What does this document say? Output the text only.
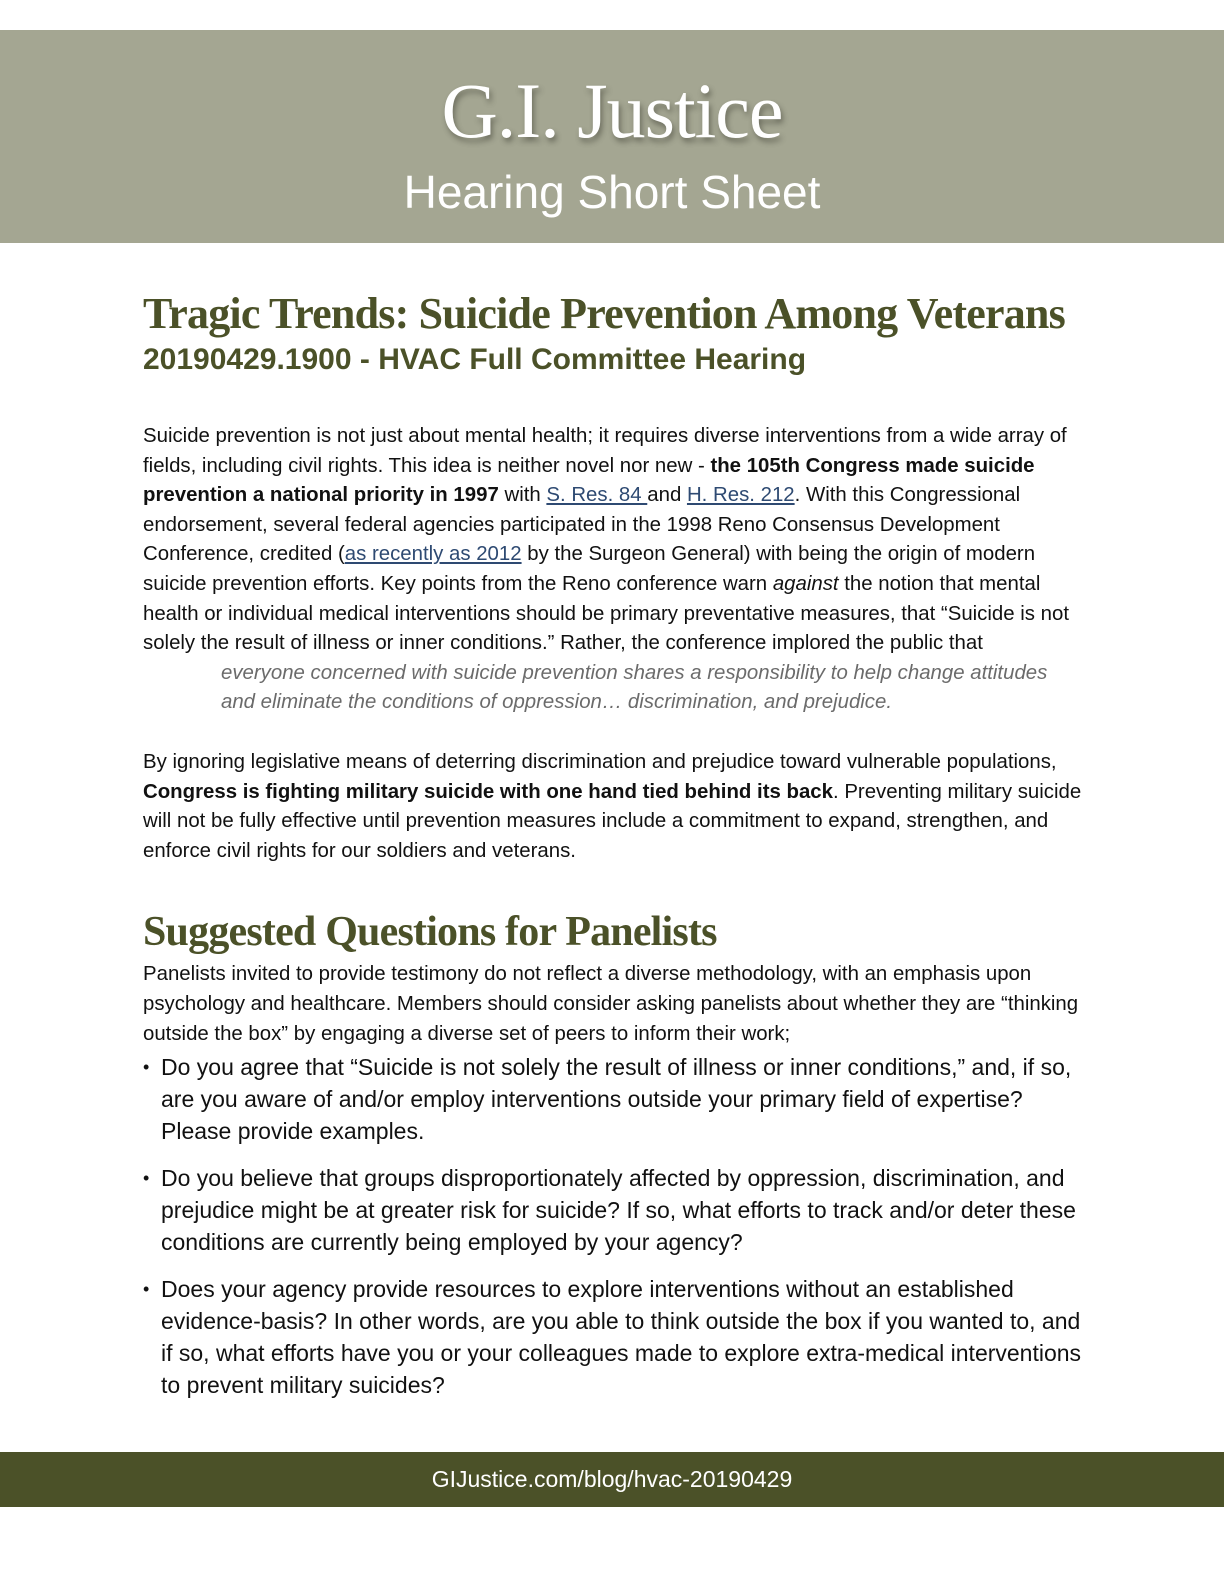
G.I. Justice
Hearing Short Sheet
Tragic Trends: Suicide Prevention Among Veterans
20190429.1900 - HVAC Full Committee Hearing

Suicide prevention is not just about mental health; it requires diverse interventions from a wide array of fields, including civil rights. This idea is neither novel nor new - the 105th Congress made suicide prevention a national priority in 1997 with S. Res. 84 and H. Res. 212. With this Congressional endorsement, several federal agencies participated in the 1998 Reno Consensus Development Conference, credited (as recently as 2012 by the Surgeon General) with being the origin of modern suicide prevention efforts. Key points from the Reno conference warn against the notion that mental health or individual medical interventions should be primary preventative measures, that “Suicide is not solely the result of illness or inner conditions.” Rather, the conference implored the public that

everyone concerned with suicide prevention shares a responsibility to help change attitudes and eliminate the conditions of oppression… discrimination, and prejudice.

By ignoring legislative means of deterring discrimination and prejudice toward vulnerable populations, Congress is fighting military suicide with one hand tied behind its back. Preventing military suicide will not be fully effective until prevention measures include a commitment to expand, strengthen, and enforce civil rights for our soldiers and veterans.

Suggested Questions for Panelists

Panelists invited to provide testimony do not reflect a diverse methodology, with an emphasis upon psychology and healthcare. Members should consider asking panelists about whether they are “thinking outside the box” by engaging a diverse set of peers to inform their work;

• Do you agree that “Suicide is not solely the result of illness or inner conditions,” and, if so, are you aware of and/or employ interventions outside your primary field of expertise? Please provide examples.
• Do you believe that groups disproportionately affected by oppression, discrimination, and prejudice might be at greater risk for suicide? If so, what efforts to track and/or deter these conditions are currently being employed by your agency?
• Does your agency provide resources to explore interventions without an established evidence-basis? In other words, are you able to think outside the box if you wanted to, and if so, what efforts have you or your colleagues made to explore extra-medical interventions to prevent military suicides?
GIJustice.com/blog/hvac-20190429
